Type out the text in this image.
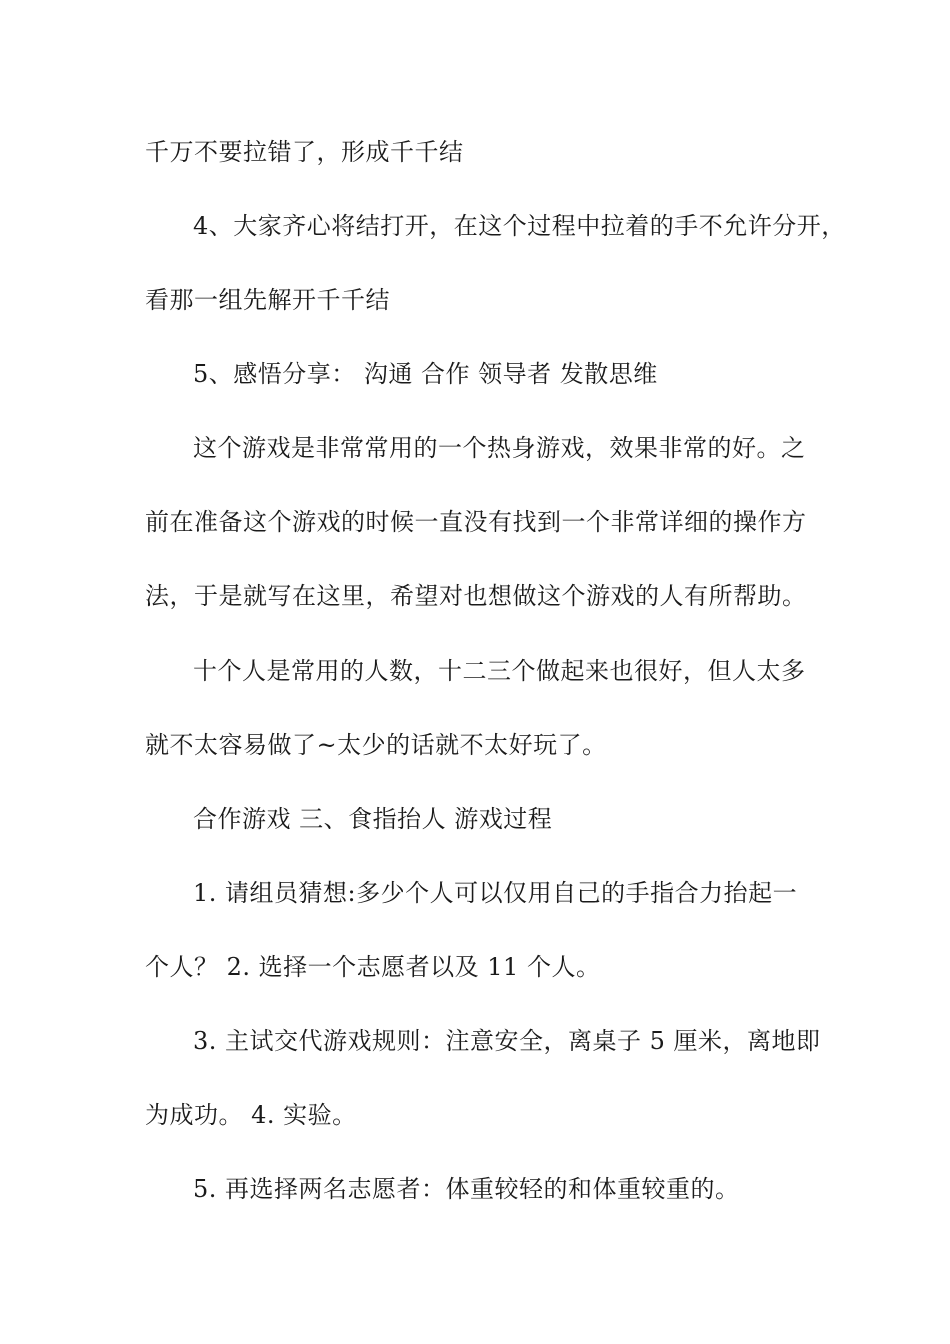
千万不要拉错了，形成千千结
4、大家齐心将结打开，在这个过程中拉着的手不允许分开，
看那一组先解开千千结
5、感悟分享： 沟通 合作 领导者 发散思维
这个游戏是非常常用的一个热身游戏，效果非常的好。之
前在准备这个游戏的时候一直没有找到一个非常详细的操作方
法，于是就写在这里，希望对也想做这个游戏的人有所帮助。
十个人是常用的人数，十二三个做起来也很好，但人太多
就不太容易做了~太少的话就不太好玩了。
合作游戏 三、食指抬人 游戏过程
1. 请组员猜想:多少个人可以仅用自己的手指合力抬起一
个人？ 2. 选择一个志愿者以及 11 个人。
3. 主试交代游戏规则：注意安全，离桌子 5 厘米，离地即
为成功。 4. 实验。
5. 再选择两名志愿者：体重较轻的和体重较重的。
